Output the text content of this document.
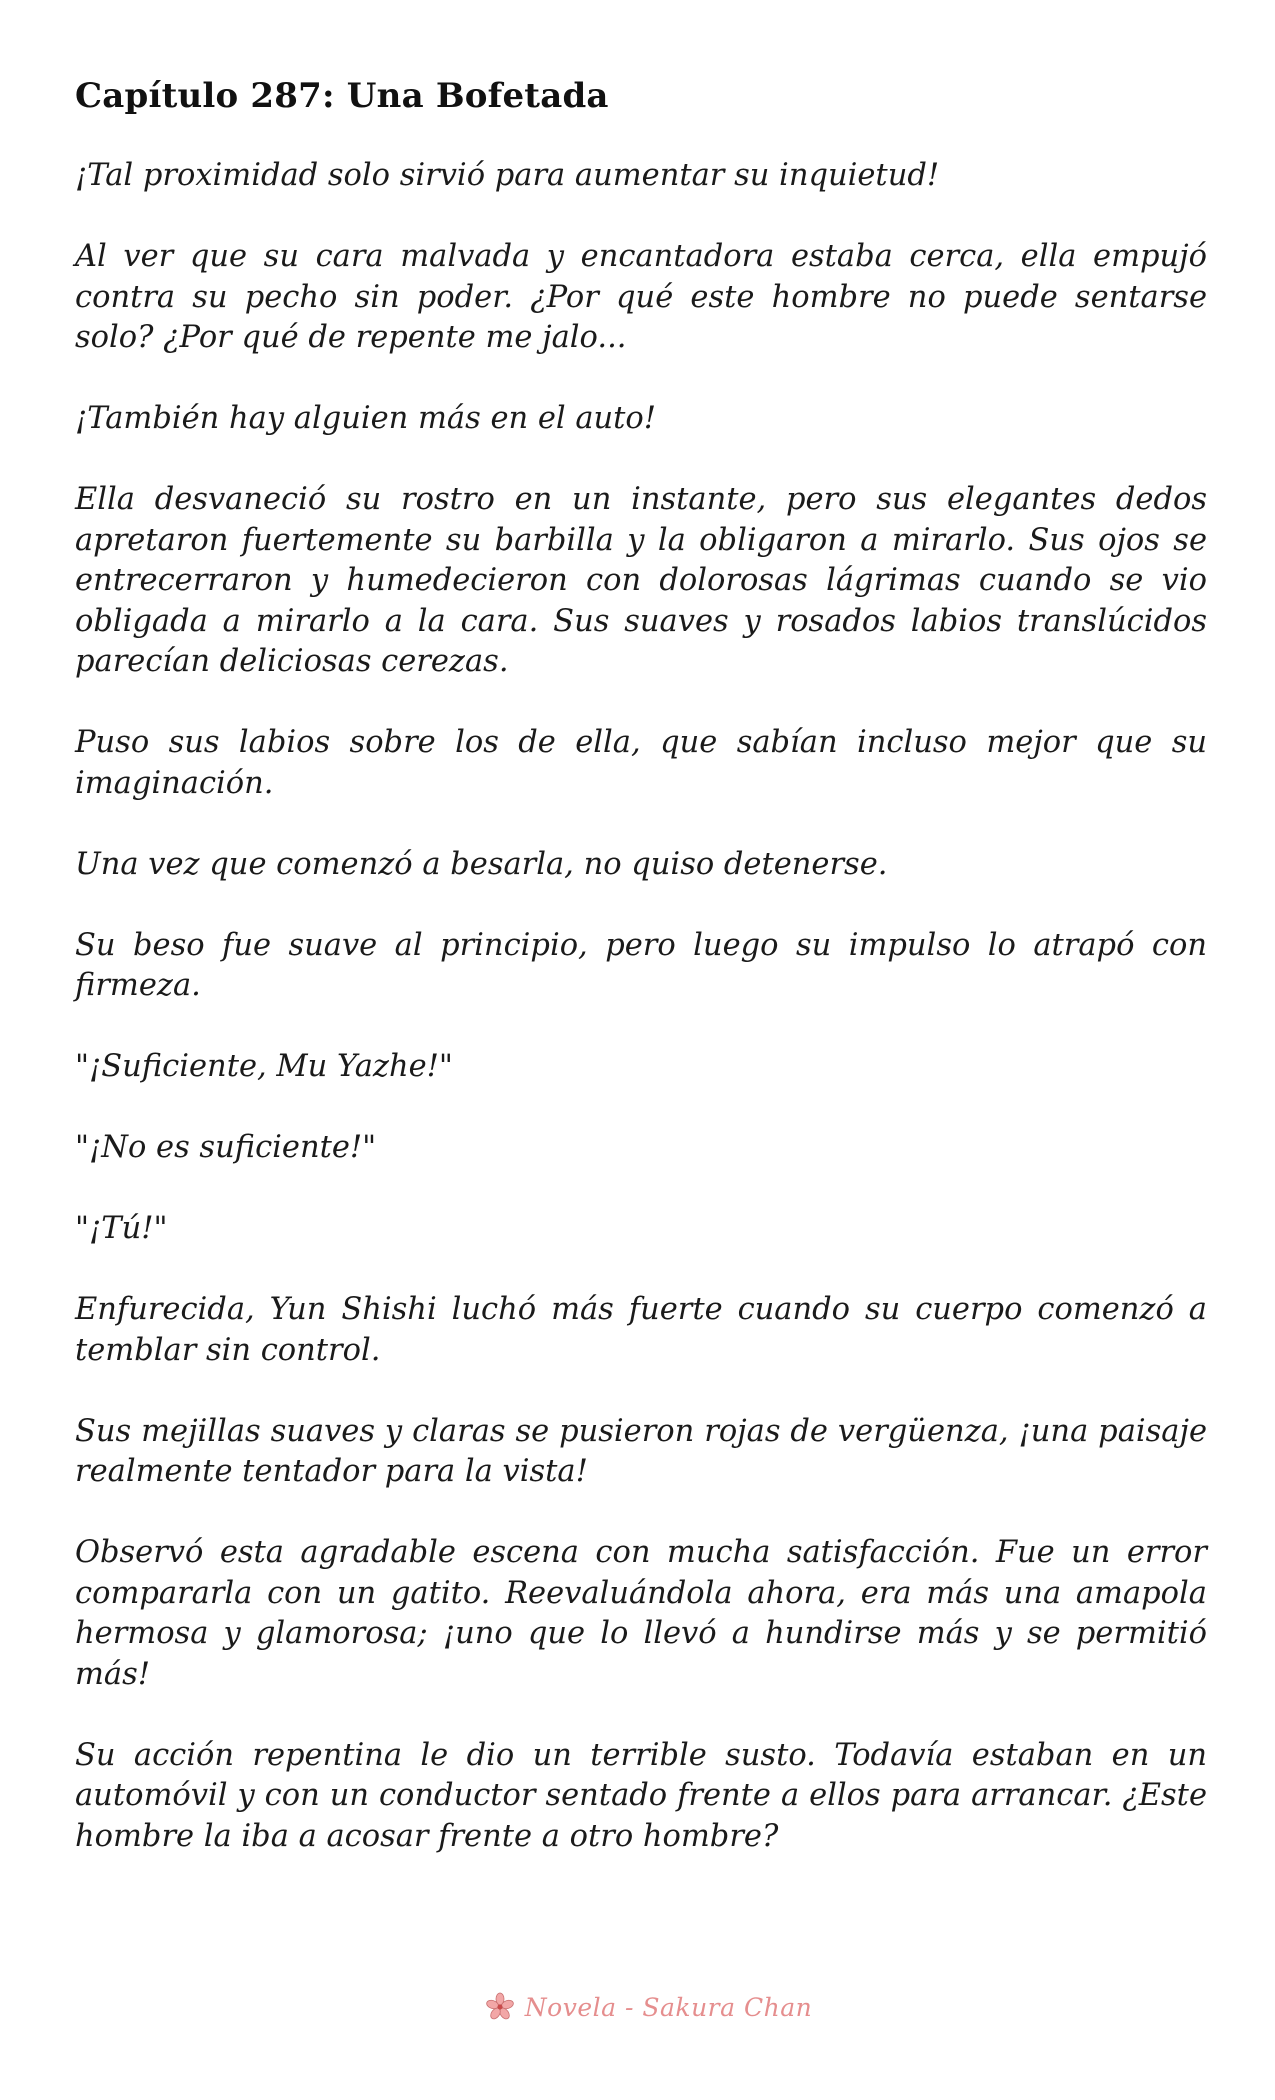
Capítulo 287: Una Bofetada

¡Tal proximidad solo sirvió para aumentar su inquietud!

Al ver que su cara malvada y encantadora estaba cerca, ella empujó contra su pecho sin poder. ¿Por qué este hombre no puede sentarse solo? ¿Por qué de repente me jalo...

¡También hay alguien más en el auto!

Ella desvaneció su rostro en un instante, pero sus elegantes dedos apretaron fuertemente su barbilla y la obligaron a mirarlo. Sus ojos se entrecerraron y humedecieron con dolorosas lágrimas cuando se vio obligada a mirarlo a la cara. Sus suaves y rosados labios translúcidos parecían deliciosas cerezas.

Puso sus labios sobre los de ella, que sabían incluso mejor que su imaginación.

Una vez que comenzó a besarla, no quiso detenerse.

Su beso fue suave al principio, pero luego su impulso lo atrapó con firmeza.

"¡Suficiente, Mu Yazhe!"

"¡No es suficiente!"

"¡Tú!"

Enfurecida, Yun Shishi luchó más fuerte cuando su cuerpo comenzó a temblar sin control.

Sus mejillas suaves y claras se pusieron rojas de vergüenza, ¡una paisaje realmente tentador para la vista!

Observó esta agradable escena con mucha satisfacción. Fue un error compararla con un gatito. Reevaluándola ahora, era más una amapola hermosa y glamorosa; ¡uno que lo llevó a hundirse más y se permitió más!

Su acción repentina le dio un terrible susto. Todavía estaban en un automóvil y con un conductor sentado frente a ellos para arrancar. ¿Este hombre la iba a acosar frente a otro hombre?

Novela - Sakura Chan
